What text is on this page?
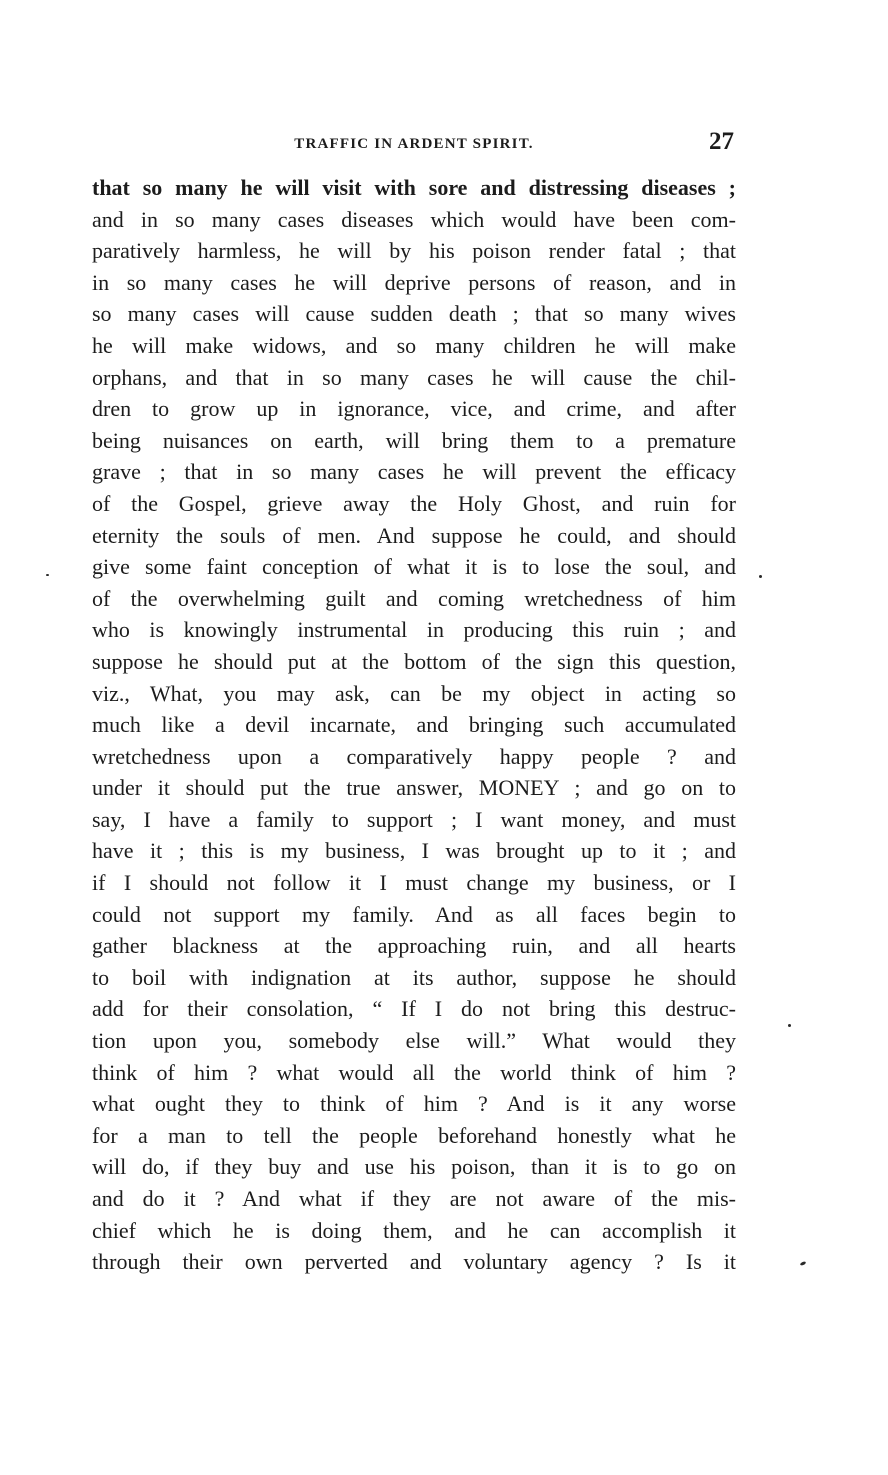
TRAFFIC IN ARDENT SPIRIT.	27
that so many he will visit with sore and distressing diseases ;
and in so many cases diseases which would have been com-
paratively harmless, he will by his poison render fatal ; that
in so many cases he will deprive persons of reason, and in
so many cases will cause sudden death ; that so many wives
he will make widows, and so many children he will make
orphans, and that in so many cases he will cause the chil-
dren to grow up in ignorance, vice, and crime, and after
being nuisances on earth, will bring them to a premature
grave ; that in so many cases he will prevent the efficacy
of the Gospel, grieve away the Holy Ghost, and ruin for
eternity the souls of men. And suppose he could, and should
give some faint conception of what it is to lose the soul, and
of the overwhelming guilt and coming wretchedness of him
who is knowingly instrumental in producing this ruin ; and
suppose he should put at the bottom of the sign this question,
viz., What, you may ask, can be my object in acting so
much like a devil incarnate, and bringing such accumulated
wretchedness upon a comparatively happy people ? and
under it should put the true answer, MONEY ; and go on to
say, I have a family to support ; I want money, and must
have it ; this is my business, I was brought up to it ; and
if I should not follow it I must change my business, or I
could not support my family. And as all faces begin to
gather blackness at the approaching ruin, and all hearts
to boil with indignation at its author, suppose he should
add for their consolation, “ If I do not bring this destruc-
tion upon you, somebody else will.” What would they
think of him ? what would all the world think of him ?
what ought they to think of him ? And is it any worse
for a man to tell the people beforehand honestly what he
will do, if they buy and use his poison, than it is to go on
and do it ? And what if they are not aware of the mis-
chief which he is doing them, and he can accomplish it
through their own perverted and voluntary agency ? Is it
